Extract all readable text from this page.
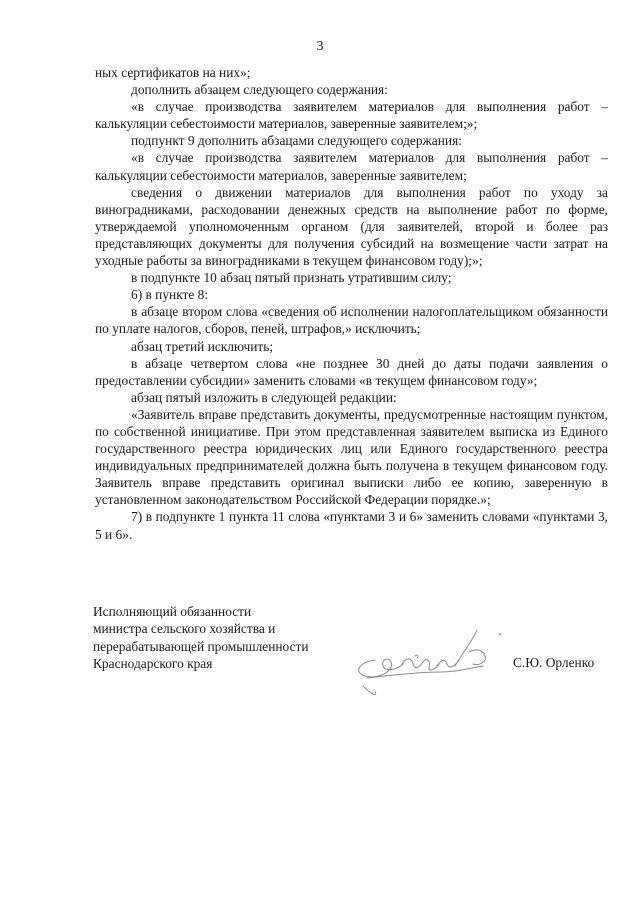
3

ных сертификатов на них»;

дополнить абзацем следующего содержания:

«в случае производства заявителем материалов для выполнения работ – калькуляции себестоимости материалов, заверенные заявителем;»;

подпункт 9 дополнить абзацами следующего содержания:

«в случае производства заявителем материалов для выполнения работ – калькуляции себестоимости материалов, заверенные заявителем;

сведения о движении материалов для выполнения работ по уходу за виноградниками, расходовании денежных средств на выполнение работ по форме, утверждаемой уполномоченным органом (для заявителей, второй и более раз представляющих документы для получения субсидий на возмещение части затрат на уходные работы за виноградниками в текущем финансовом году);»;

в подпункте 10 абзац пятый признать утратившим силу;

6) в пункте 8:

в абзаце втором слова «сведения об исполнении налогоплательщиком обязанности по уплате налогов, сборов, пеней, штрафов,» исключить;

абзац третий исключить;

в абзаце четвертом слова «не позднее 30 дней до даты подачи заявления о предоставлении субсидии» заменить словами «в текущем финансовом году»;

абзац пятый изложить в следующей редакции:

«Заявитель вправе представить документы, предусмотренные настоящим пунктом, по собственной инициативе. При этом представленная заявителем выписка из Единого государственного реестра юридических лиц или Единого государственного реестра индивидуальных предпринимателей должна быть получена в текущем финансовом году. Заявитель вправе представить оригинал выписки либо ее копию, заверенную в установленном законодательством Российской Федерации порядке.»;

7) в подпункте 1 пункта 11 слова «пунктами 3 и 6» заменить словами «пунктами 3, 5 и 6».

Исполняющий обязанности
министра сельского хозяйства и
перерабатывающей промышленности
Краснодарского края	С.Ю. Орленко
